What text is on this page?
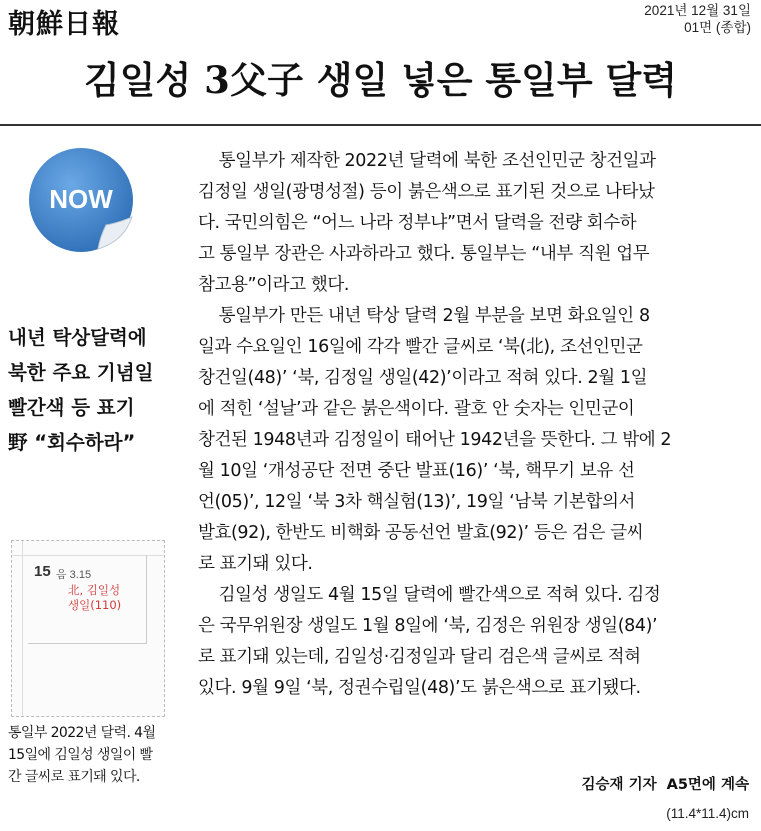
朝鮮日報	2021년 12월 31일
01면 (종합)
김일성 3父子 생일 넣은 통일부 달력
NOW
내년 탁상달력에
북한 주요 기념일
빨간색 등 표기
野 “회수하라”
15 음 3.15
北, 김일성
생일(110)
통일부 2022년 달력. 4월
15일에 김일성 생일이 빨
간 글씨로 표기돼 있다.
통일부가 제작한 2022년 달력에 북한 조선인민군 창건일과
김정일 생일(광명성절) 등이 붉은색으로 표기된 것으로 나타났
다. 국민의힘은 “어느 나라 정부냐”면서 달력을 전량 회수하
고 통일부 장관은 사과하라고 했다. 통일부는 “내부 직원 업무
참고용”이라고 했다.
통일부가 만든 내년 탁상 달력 2월 부분을 보면 화요일인 8
일과 수요일인 16일에 각각 빨간 글씨로 ‘북(北), 조선인민군
창건일(48)’ ‘북, 김정일 생일(42)’이라고 적혀 있다. 2월 1일
에 적힌 ‘설날’과 같은 붉은색이다. 괄호 안 숫자는 인민군이
창건된 1948년과 김정일이 태어난 1942년을 뜻한다. 그 밖에 2
월 10일 ‘개성공단 전면 중단 발표(16)’ ‘북, 핵무기 보유 선
언(05)’, 12일 ‘북 3차 핵실험(13)’, 19일 ‘남북 기본합의서
발효(92), 한반도 비핵화 공동선언 발효(92)’ 등은 검은 글씨
로 표기돼 있다.
김일성 생일도 4월 15일 달력에 빨간색으로 적혀 있다. 김정
은 국무위원장 생일도 1월 8일에 ‘북, 김정은 위원장 생일(84)’
로 표기돼 있는데, 김일성·김정일과 달리 검은색 글씨로 적혀
있다. 9월 9일 ‘북, 정권수립일(48)’도 붉은색으로 표기됐다.
김승재 기자 A5면에 계속
(11.4*11.4)cm
